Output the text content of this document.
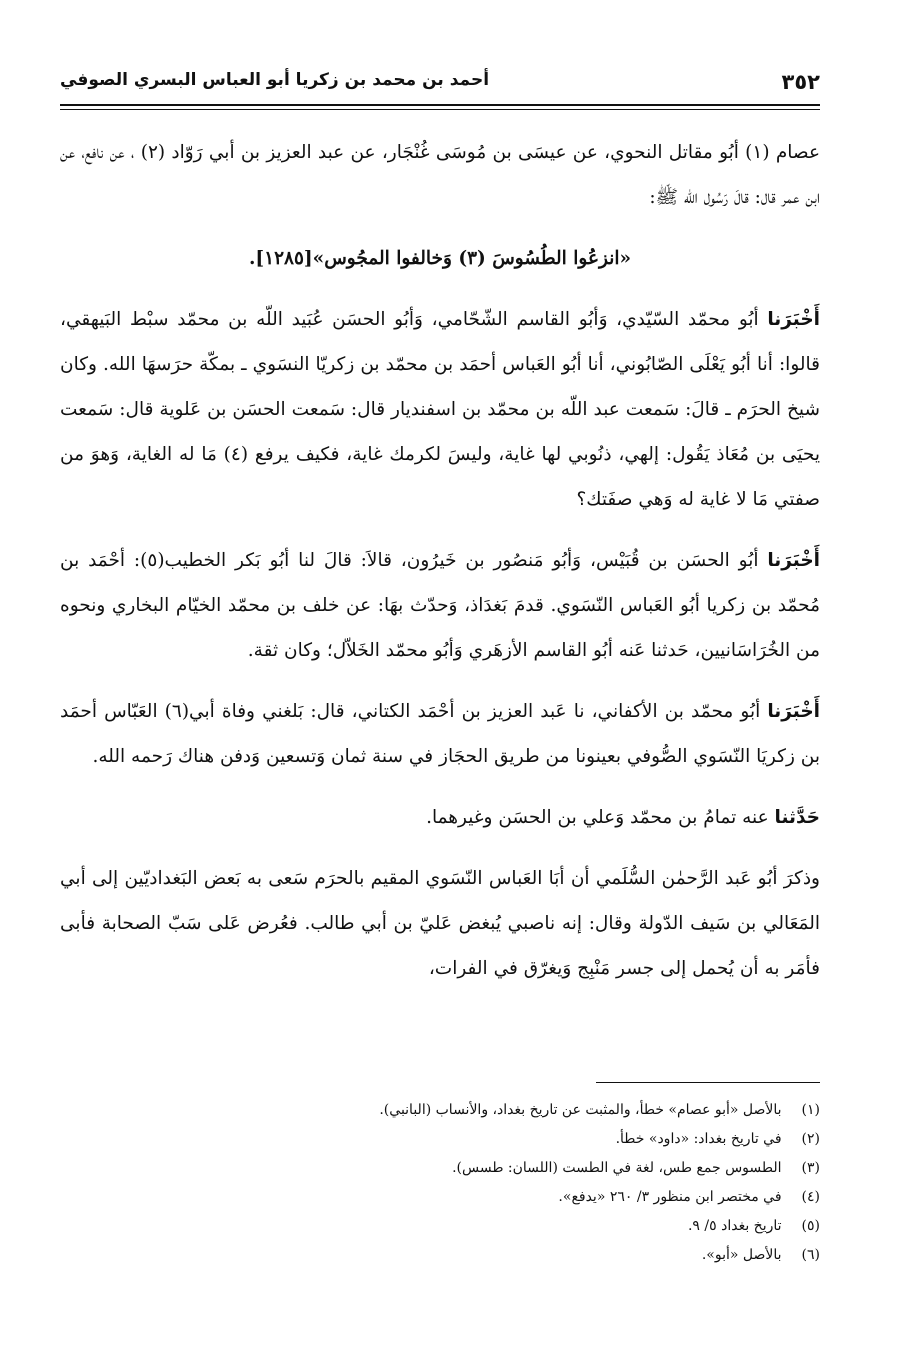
٣٥٢
أحمد بن محمد بن زكريا أبو العباس البسري الصوفي

عصام (١) أبُو مقاتل النحوي، عن عيسَى بن مُوسَى غُنْجَار، عن عبد العزيز بن أبي رَوّاد (٢) ، عن نافع، عن ابن عمر قال: قالَ رَسُول الله ﷺ:

«انزعُوا الطُسُوسَ (٣) وَخالفوا المجُوس»[١٢٨٥].

أَخْبَرَنا أبُو محمّد السّيّدي، وَأبُو القاسم الشّحّامي، وَأبُو الحسَن عُبَيد اللّه بن محمّد سبْط البَيهقي، قالوا: أنا أبُو يَعْلَى الصّابُوني، أنا أبُو العَباس أحمَد بن محمّد بن زكريّا النسَوي ـ بمكّة حرَسهَا الله. وكان شيخ الحرَم ـ قالَ: سَمعت عبد اللّه بن محمّد بن اسفنديار قال: سَمعت الحسَن بن عَلوية قال: سَمعت يحيَى بن مُعَاذ يَقُول: إلهي، ذنُوبي لها غاية، وليسَ لكرمك غاية، فكيف يرفع (٤) مَا له الغاية، وَهوَ من صفتي مَا لا غاية له وَهي صفَتك؟

أَخْبَرَنا أبُو الحسَن بن قُبَيْس، وَأبُو مَنصُور بن خَيرُون، قالاَ: قالَ لنا أبُو بَكر الخطيب(٥): أحْمَد بن مُحمّد بن زكريا أبُو العَباس النّسَوي. قدمَ بَغدَاذ، وَحدّث بهَا: عن خلف بن محمّد الخيّام البخاري ونحوه من الخُرَاسَانيين، حَدثنا عَنه أبُو القاسم الأزهَري وَأبُو محمّد الخَلاّل؛ وكان ثقة.

أَخْبَرَنا أبُو محمّد بن الأكفاني، نا عَبد العزيز بن أحْمَد الكتاني، قال: بَلغني وفاة أبي(٦) العَبّاس أحمَد بن زكريَا النّسَوي الصُّوفي بعينونا من طريق الحجَاز في سنة ثمان وَتسعين وَدفن هناك رَحمه الله.

حَدَّثنا عنه تمامُ بن محمّد وَعلي بن الحسَن وغيرهما.

وذكرَ أبُو عَبد الرَّحمٰن السُّلَمي أن أبَا العَباس النّسَوي المقيم بالحرَم سَعى به بَعض البَغداديّين إلى أبي المَعَالي بن سَيف الدّولة وقال: إنه ناصبي يُبغض عَليّ بن أبي طالب. فعُرض عَلى سَبّ الصحابة فأبى فأمَر به أن يُحمل إلى جسر مَنْبِج وَيغرّق في الفرات،

(١) بالأصل «أبو عصام» خطأ، والمثبت عن تاريخ بغداد، والأنساب (البانبي).
(٢) في تاريخ بغداد: «داود» خطأ.
(٣) الطسوس جمع طس، لغة في الطست (اللسان: طسس).
(٤) في مختصر ابن منظور ٣/ ٢٦٠ «يدفع».
(٥) تاريخ بغداد ٥/ ٩.
(٦) بالأصل «أبو».
